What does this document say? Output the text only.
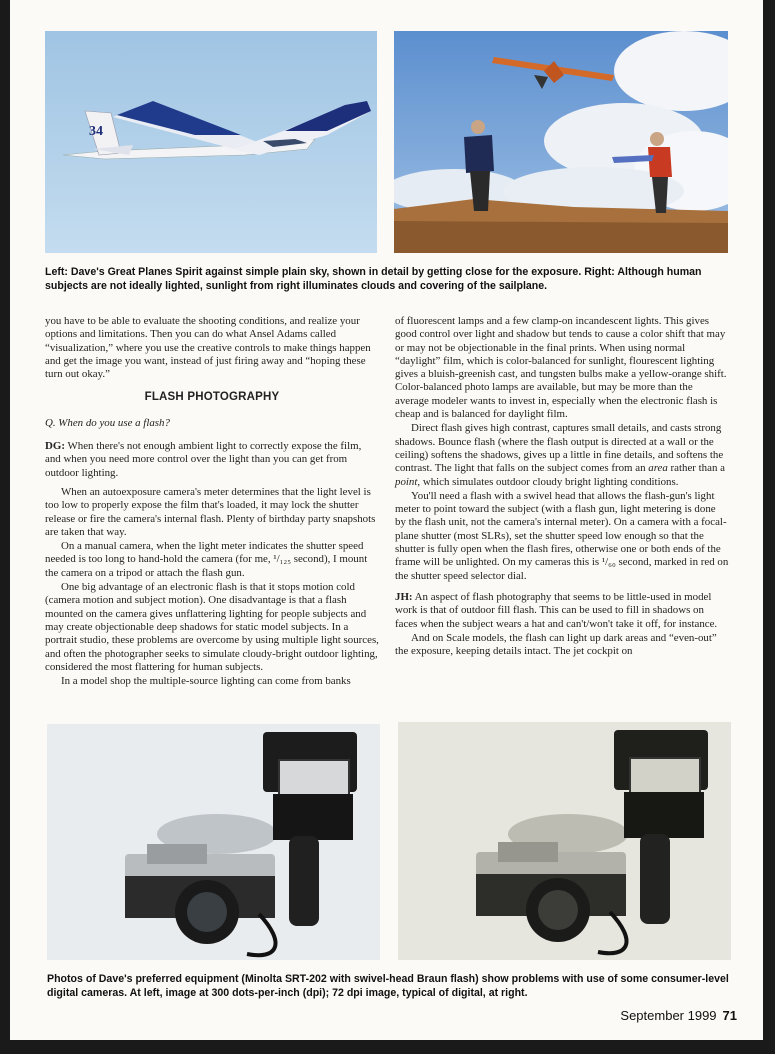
34
Left: Dave's Great Planes Spirit against simple plain sky, shown in detail by getting close for the exposure. Right: Although human subjects are not ideally lighted, sunlight from right illuminates clouds and covering of the sailplane.

you have to be able to evaluate the shooting conditions, and realize your options and limitations. Then you can do what Ansel Adams called “visualization,” where you use the creative controls to make things happen and get the image you want, instead of just firing away and “hoping these turn out okay.”

FLASH PHOTOGRAPHY

Q. When do you use a flash?

DG: When there's not enough ambient light to correctly expose the film, and when you need more control over the light than you can get from outdoor lighting.

When an autoexposure camera's meter determines that the light level is too low to properly expose the film that's loaded, it may lock the shutter release or fire the camera's internal flash. Plenty of birthday party snapshots are taken that way.

On a manual camera, when the light meter indicates the shutter speed needed is too long to hand-hold the camera (for me, ¹/₁₂₅ second), I mount the camera on a tripod or attach the flash gun.

One big advantage of an electronic flash is that it stops motion cold (camera motion and subject motion). One disadvantage is that a flash mounted on the camera gives unflattering lighting for people subjects and may create objectionable deep shadows for static model subjects. In a portrait studio, these problems are overcome by using multiple light sources, and often the photographer seeks to simulate cloudy-bright outdoor lighting, considered the most flattering for human subjects.

In a model shop the multiple-source lighting can come from banks

of fluorescent lamps and a few clamp-on incandescent lights. This gives good control over light and shadow but tends to cause a color shift that may or may not be objectionable in the final prints. When using normal “daylight” film, which is color-balanced for sunlight, flourescent lighting gives a bluish-greenish cast, and tungsten bulbs make a yellow-orange shift. Color-balanced photo lamps are available, but may be more than the average modeler wants to invest in, especially when the electronic flash is cheap and is balanced for daylight film.

Direct flash gives high contrast, captures small details, and casts strong shadows. Bounce flash (where the flash output is directed at a wall or the ceiling) softens the shadows, gives up a little in fine details, and softens the contrast. The light that falls on the subject comes from an area rather than a point, which simulates outdoor cloudy bright lighting conditions.

You'll need a flash with a swivel head that allows the flash-gun's light meter to point toward the subject (with a flash gun, light metering is done by the flash unit, not the camera's internal meter). On a camera with a focal-plane shutter (most SLRs), set the shutter speed low enough so that the shutter is fully open when the flash fires, otherwise one or both ends of the frame will be unlighted. On my cameras this is ¹/₆₀ second, marked in red on the shutter speed selector dial.

JH: An aspect of flash photography that seems to be little-used in model work is that of outdoor fill flash. This can be used to fill in shadows on faces when the subject wears a hat and can't/won't take it off, for instance.

And on Scale models, the flash can light up dark areas and “even-out” the exposure, keeping details intact. The jet cockpit on

Photos of Dave's preferred equipment (Minolta SRT-202 with swivel-head Braun flash) show problems with use of some consumer-level digital cameras. At left, image at 300 dots-per-inch (dpi); 72 dpi image, typical of digital, at right.
September 1999 71
